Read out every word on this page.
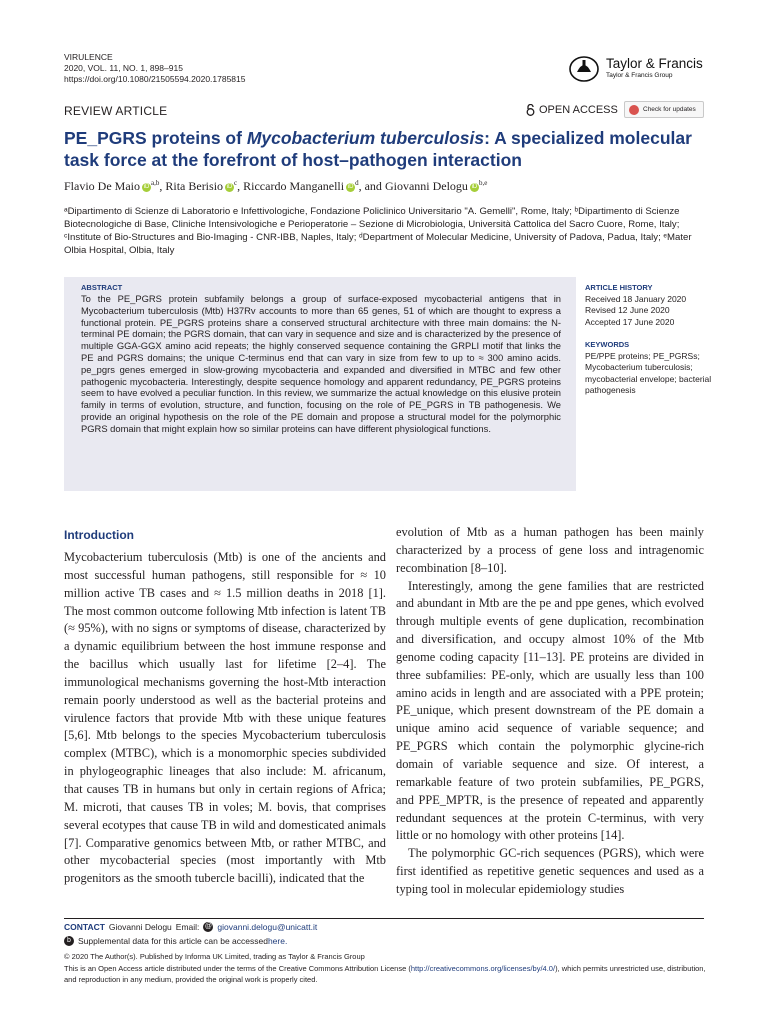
VIRULENCE
2020, VOL. 11, NO. 1, 898–915
https://doi.org/10.1080/21505594.2020.1785815
Taylor & Francis
Taylor & Francis Group
REVIEW ARTICLE	OPEN ACCESS	Check for updates
PE_PGRS proteins of Mycobacterium tuberculosis: A specialized molecular task force at the forefront of host–pathogen interaction
Flavio De Maio iD $^{a,b}$, Rita Berisio iD $^c$, Riccardo Manganelli iD $^d$, and Giovanni Delogu iD $^{b,e}$
ᵃDipartimento di Scienze di Laboratorio e Infettivologiche, Fondazione Policlinico Universitario "A. Gemelli", Rome, Italy; ᵇDipartimento di Scienze Biotecnologiche di Base, Cliniche Intensivologiche e Perioperatorie – Sezione di Microbiologia, Università Cattolica del Sacro Cuore, Rome, Italy; ᶜInstitute of Bio-Structures and Bio-Imaging - CNR-IBB, Naples, Italy; ᵈDepartment of Molecular Medicine, University of Padova, Padua, Italy; ᵉMater Olbia Hospital, Olbia, Italy
ABSTRACT
To the PE_PGRS protein subfamily belongs a group of surface-exposed mycobacterial antigens that in Mycobacterium tuberculosis (Mtb) H37Rv accounts to more than 65 genes, 51 of which are thought to express a functional protein. PE_PGRS proteins share a conserved structural architecture with three main domains: the N-terminal PE domain; the PGRS domain, that can vary in sequence and size and is characterized by the presence of multiple GGA-GGX amino acid repeats; the highly conserved sequence containing the GRPLI motif that links the PE and PGRS domains; the unique C-terminus end that can vary in size from few to up to ≈ 300 amino acids. pe_pgrs genes emerged in slow-growing mycobacteria and expanded and diversified in MTBC and few other pathogenic mycobacteria. Interestingly, despite sequence homology and apparent redundancy, PE_PGRS proteins seem to have evolved a peculiar function. In this review, we summarize the actual knowledge on this elusive protein family in terms of evolution, structure, and function, focusing on the role of PE_PGRS in TB pathogenesis. We provide an original hypothesis on the role of the PE domain and propose a structural model for the polymorphic PGRS domain that might explain how so similar proteins can have different physiological functions.
ARTICLE HISTORY
Received 18 January 2020
Revised 12 June 2020
Accepted 17 June 2020
KEYWORDS
PE/PPE proteins; PE_PGRSs; Mycobacterium tuberculosis; mycobacterial envelope; bacterial pathogenesis
Introduction

Mycobacterium tuberculosis (Mtb) is one of the ancients and most successful human pathogens, still responsible for ≈ 10 million active TB cases and ≈ 1.5 million deaths in 2018 [1]. The most common outcome following Mtb infection is latent TB (≈ 95%), with no signs or symptoms of disease, characterized by a dynamic equilibrium between the host immune response and the bacillus which usually last for lifetime [2–4]. The immunological mechanisms governing the host-Mtb interaction remain poorly understood as well as the bacterial proteins and virulence factors that provide Mtb with these unique features [5,6]. Mtb belongs to the species Mycobacterium tuberculosis complex (MTBC), which is a monomorphic species subdivided in phylogeographic lineages that also include: M. africanum, that causes TB in humans but only in certain regions of Africa; M. microti, that causes TB in voles; M. bovis, that comprises several ecotypes that cause TB in wild and domesticated animals [7]. Comparative genomics between Mtb, or rather MTBC, and other mycobacterial species (most importantly with Mtb progenitors as the smooth tubercle bacilli), indicated that the

evolution of Mtb as a human pathogen has been mainly characterized by a process of gene loss and intragenomic recombination [8–10].

Interestingly, among the gene families that are restricted and abundant in Mtb are the pe and ppe genes, which evolved through multiple events of gene duplication, recombination and diversification, and occupy almost 10% of the Mtb genome coding capacity [11–13]. PE proteins are divided in three subfamilies: PE-only, which are usually less than 100 amino acids in length and are associated with a PPE protein; PE_unique, which present downstream of the PE domain a unique amino acid sequence of variable sequence; and PE_PGRS which contain the polymorphic glycine-rich domain of variable sequence and size. Of interest, a remarkable feature of two protein subfamilies, PE_PGRS, and PPE_MPTR, is the presence of repeated and apparently redundant sequences at the protein C-terminus, with very little or no homology with other proteins [14].

The polymorphic GC-rich sequences (PGRS), which were first identified as repetitive genetic sequences and used as a typing tool in molecular epidemiology studies

CONTACT Giovanni Delogu Email: @ giovanni.delogu@unicatt.it
b Supplemental data for this article can be accessed here.
© 2020 The Author(s). Published by Informa UK Limited, trading as Taylor & Francis Group
This is an Open Access article distributed under the terms of the Creative Commons Attribution License (http://creativecommons.org/licenses/by/4.0/), which permits unrestricted use, distribution, and reproduction in any medium, provided the original work is properly cited.
